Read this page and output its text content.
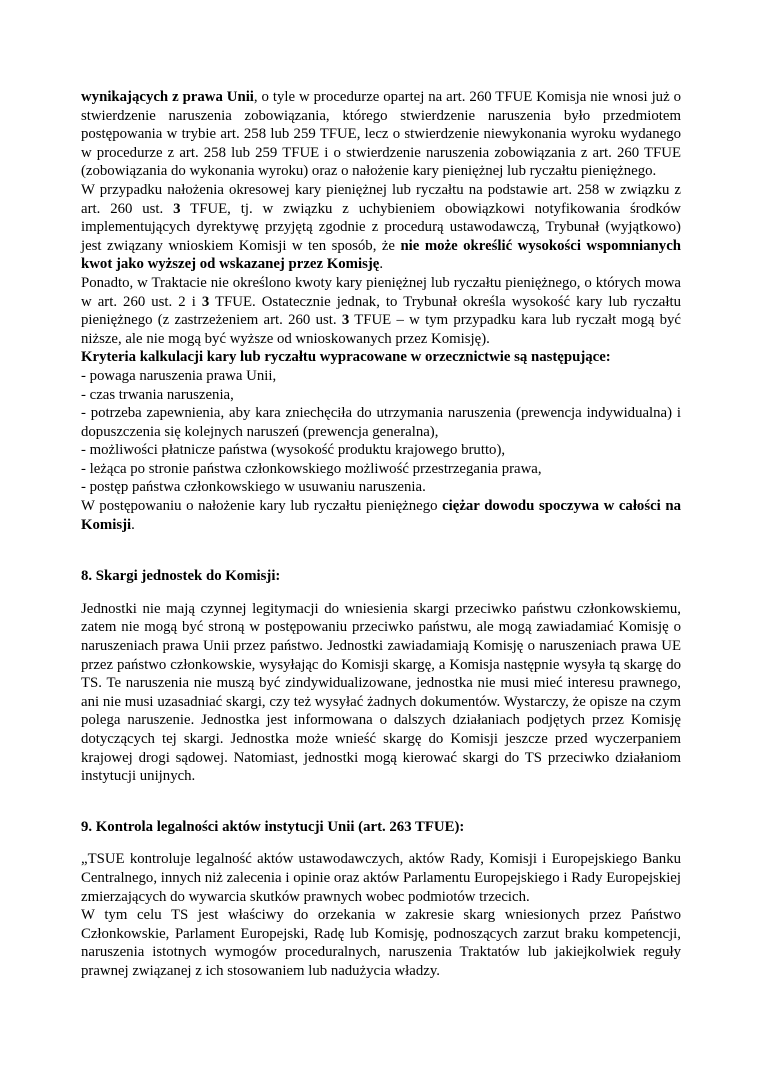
wynikających z prawa Unii, o tyle w procedurze opartej na art. 260 TFUE Komisja nie wnosi już o stwierdzenie naruszenia zobowiązania, którego stwierdzenie naruszenia było przedmiotem postępowania w trybie art. 258 lub 259 TFUE, lecz o stwierdzenie niewykonania wyroku wydanego w procedurze z art. 258 lub 259 TFUE i o stwierdzenie naruszenia zobowiązania z art. 260 TFUE (zobowiązania do wykonania wyroku) oraz o nałożenie kary pieniężnej lub ryczałtu pieniężnego.

W przypadku nałożenia okresowej kary pieniężnej lub ryczałtu na podstawie art. 258 w związku z art. 260 ust. 3 TFUE, tj. w związku z uchybieniem obowiązkowi notyfikowania środków implementujących dyrektywę przyjętą zgodnie z procedurą ustawodawczą, Trybunał (wyjątkowo) jest związany wnioskiem Komisji w ten sposób, że nie może określić wysokości wspomnianych kwot jako wyższej od wskazanej przez Komisję.

Ponadto, w Traktacie nie określono kwoty kary pieniężnej lub ryczałtu pieniężnego, o których mowa w art. 260 ust. 2 i 3 TFUE. Ostatecznie jednak, to Trybunał określa wysokość kary lub ryczałtu pieniężnego (z zastrzeżeniem art. 260 ust. 3 TFUE – w tym przypadku kara lub ryczałt mogą być niższe, ale nie mogą być wyższe od wnioskowanych przez Komisję).

Kryteria kalkulacji kary lub ryczałtu wypracowane w orzecznictwie są następujące:

- powaga naruszenia prawa Unii,

- czas trwania naruszenia,

- potrzeba zapewnienia, aby kara zniechęciła do utrzymania naruszenia (prewencja indywidualna) i dopuszczenia się kolejnych naruszeń (prewencja generalna),

- możliwości płatnicze państwa (wysokość produktu krajowego brutto),

- leżąca po stronie państwa członkowskiego możliwość przestrzegania prawa,

- postęp państwa członkowskiego w usuwaniu naruszenia.

W postępowaniu o nałożenie kary lub ryczałtu pieniężnego ciężar dowodu spoczywa w całości na Komisji.

8. Skargi jednostek do Komisji:

Jednostki nie mają czynnej legitymacji do wniesienia skargi przeciwko państwu członkowskiemu, zatem nie mogą być stroną w postępowaniu przeciwko państwu, ale mogą zawiadamiać Komisję o naruszeniach prawa Unii przez państwo. Jednostki zawiadamiają Komisję o naruszeniach prawa UE przez państwo członkowskie, wysyłając do Komisji skargę, a Komisja następnie wysyła tą skargę do TS. Te naruszenia nie muszą być zindywidualizowane, jednostka nie musi mieć interesu prawnego, ani nie musi uzasadniać skargi, czy też wysyłać żadnych dokumentów. Wystarczy, że opisze na czym polega naruszenie. Jednostka jest informowana o dalszych działaniach podjętych przez Komisję dotyczących tej skargi. Jednostka może wnieść skargę do Komisji jeszcze przed wyczerpaniem krajowej drogi sądowej. Natomiast, jednostki mogą kierować skargi do TS przeciwko działaniom instytucji unijnych.

9. Kontrola legalności aktów instytucji Unii (art. 263 TFUE):

„TSUE kontroluje legalność aktów ustawodawczych, aktów Rady, Komisji i Europejskiego Banku Centralnego, innych niż zalecenia i opinie oraz aktów Parlamentu Europejskiego i Rady Europejskiej zmierzających do wywarcia skutków prawnych wobec podmiotów trzecich.

W tym celu TS jest właściwy do orzekania w zakresie skarg wniesionych przez Państwo Członkowskie, Parlament Europejski, Radę lub Komisję, podnoszących zarzut braku kompetencji, naruszenia istotnych wymogów proceduralnych, naruszenia Traktatów lub jakiejkolwiek reguły prawnej związanej z ich stosowaniem lub nadużycia władzy.
